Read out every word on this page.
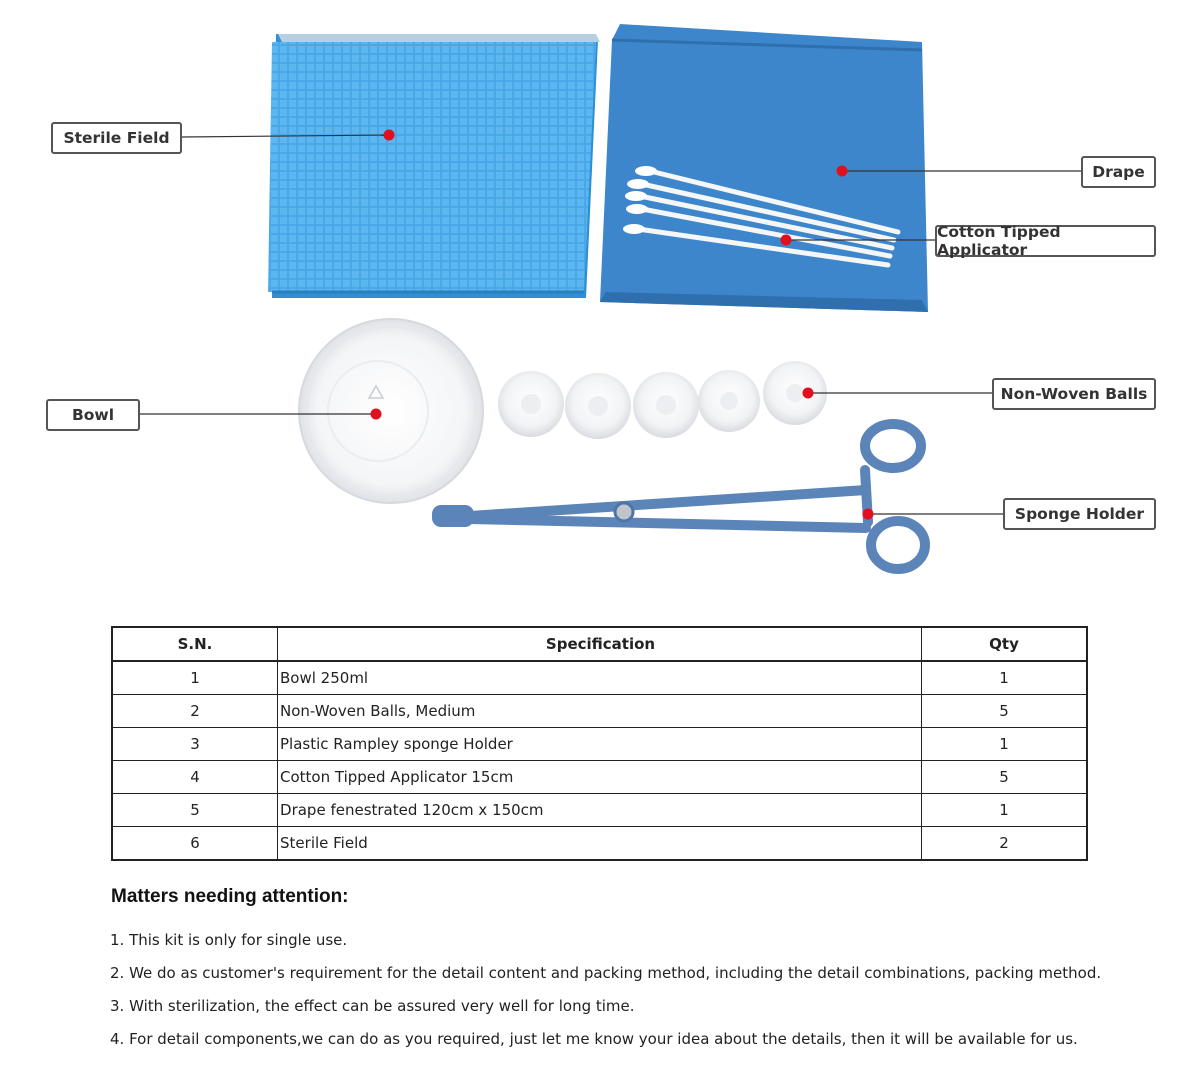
Sterile Field
Drape
Cotton Tipped Applicator
Bowl
Non-Woven Balls
Sponge Holder
S.N.	Specification	Qty
1	Bowl 250ml	1
2	Non-Woven Balls, Medium	5
3	Plastic Rampley sponge Holder	1
4	Cotton Tipped Applicator 15cm	5
5	Drape fenestrated 120cm x 150cm	1
6	Sterile Field	2
Matters needing attention:
1. This kit is only for single use.
2. We do as customer's requirement for the detail content and packing method, including the detail combinations, packing method.
3. With sterilization, the effect can be assured very well for long time.
4. For detail components,we can do as you required, just let me know your idea about the details, then it will be available for us.
